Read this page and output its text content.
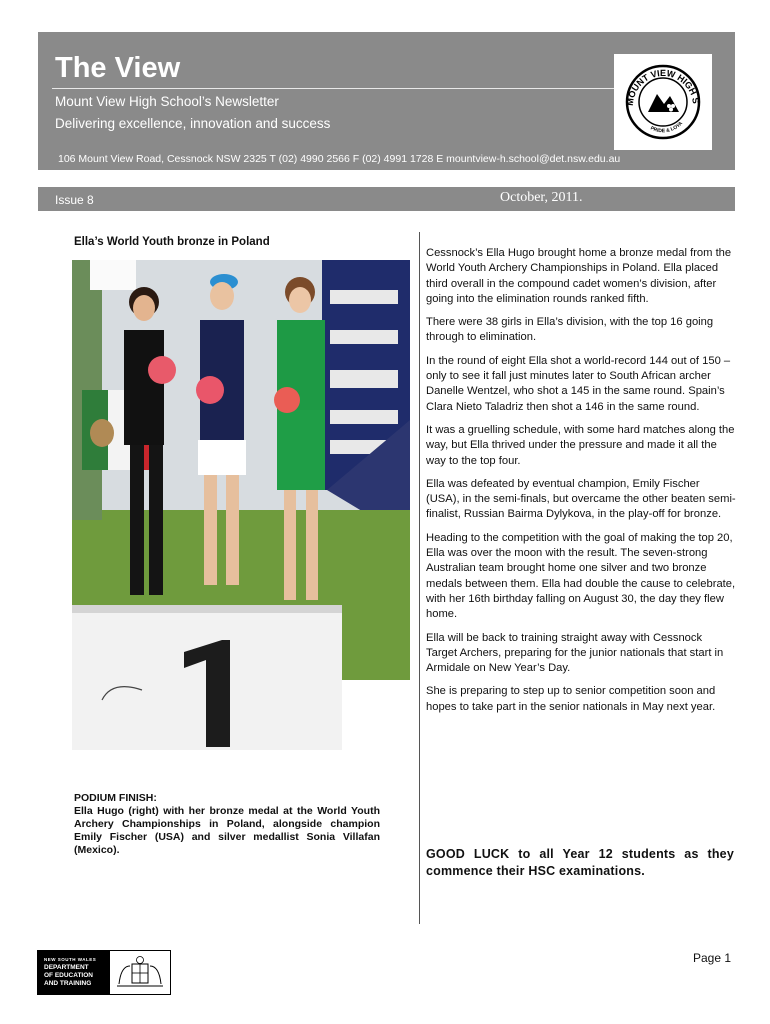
The View
Mount View High School’s Newsletter
Delivering excellence, innovation and success
106 Mount View Road, Cessnock NSW 2325 T (02) 4990 2566 F (02) 4991 1728 E mountview-h.school@det.nsw.edu.au
MOUNT VIEW HIGH S
PRIDE & LOYA
Issue 8	October, 2011.
Ella’s World Youth bronze in Poland
1
PODIUM FINISH:
Ella Hugo (right) with her bronze medal at the World Youth Archery Championships in Poland, alongside champion Emily Fischer (USA) and silver medallist Sonia Villafan (Mexico).

Cessnock’s Ella Hugo brought home a bronze medal from the World Youth Archery Championships in Poland. Ella placed third overall in the compound cadet women’s division, after going into the elimination rounds ranked fifth.

There were 38 girls in Ella’s division, with the top 16 going through to elimination.

In the round of eight Ella shot a world-record 144 out of 150 – only to see it fall just minutes later to South African archer Danelle Wentzel, who shot a 145 in the same round. Spain’s Clara Nieto Taladriz then shot a 146 in the same round.

It was a gruelling schedule, with some hard matches along the way, but Ella thrived under the pressure and made it all the way to the top four.

Ella was defeated by eventual champion, Emily Fischer (USA), in the semi-finals, but overcame the other beaten semi-finalist, Russian Bairma Dylykova, in the play-off for bronze.

Heading to the competition with the goal of making the top 20, Ella was over the moon with the result. The seven-strong Australian team brought home one silver and two bronze medals between them. Ella had double the cause to celebrate, with her 16th birthday falling on August 30, the day they flew home.

Ella will be back to training straight away with Cessnock Target Archers, preparing for the junior nationals that start in Armidale on New Year’s Day.

She is preparing to step up to senior competition soon and hopes to take part in the senior nationals in May next year.

GOOD LUCK to all Year 12 students as they commence their HSC examinations.
NEW SOUTH WALES
DEPARTMENT
OF EDUCATION
AND TRAINING
Page 1
